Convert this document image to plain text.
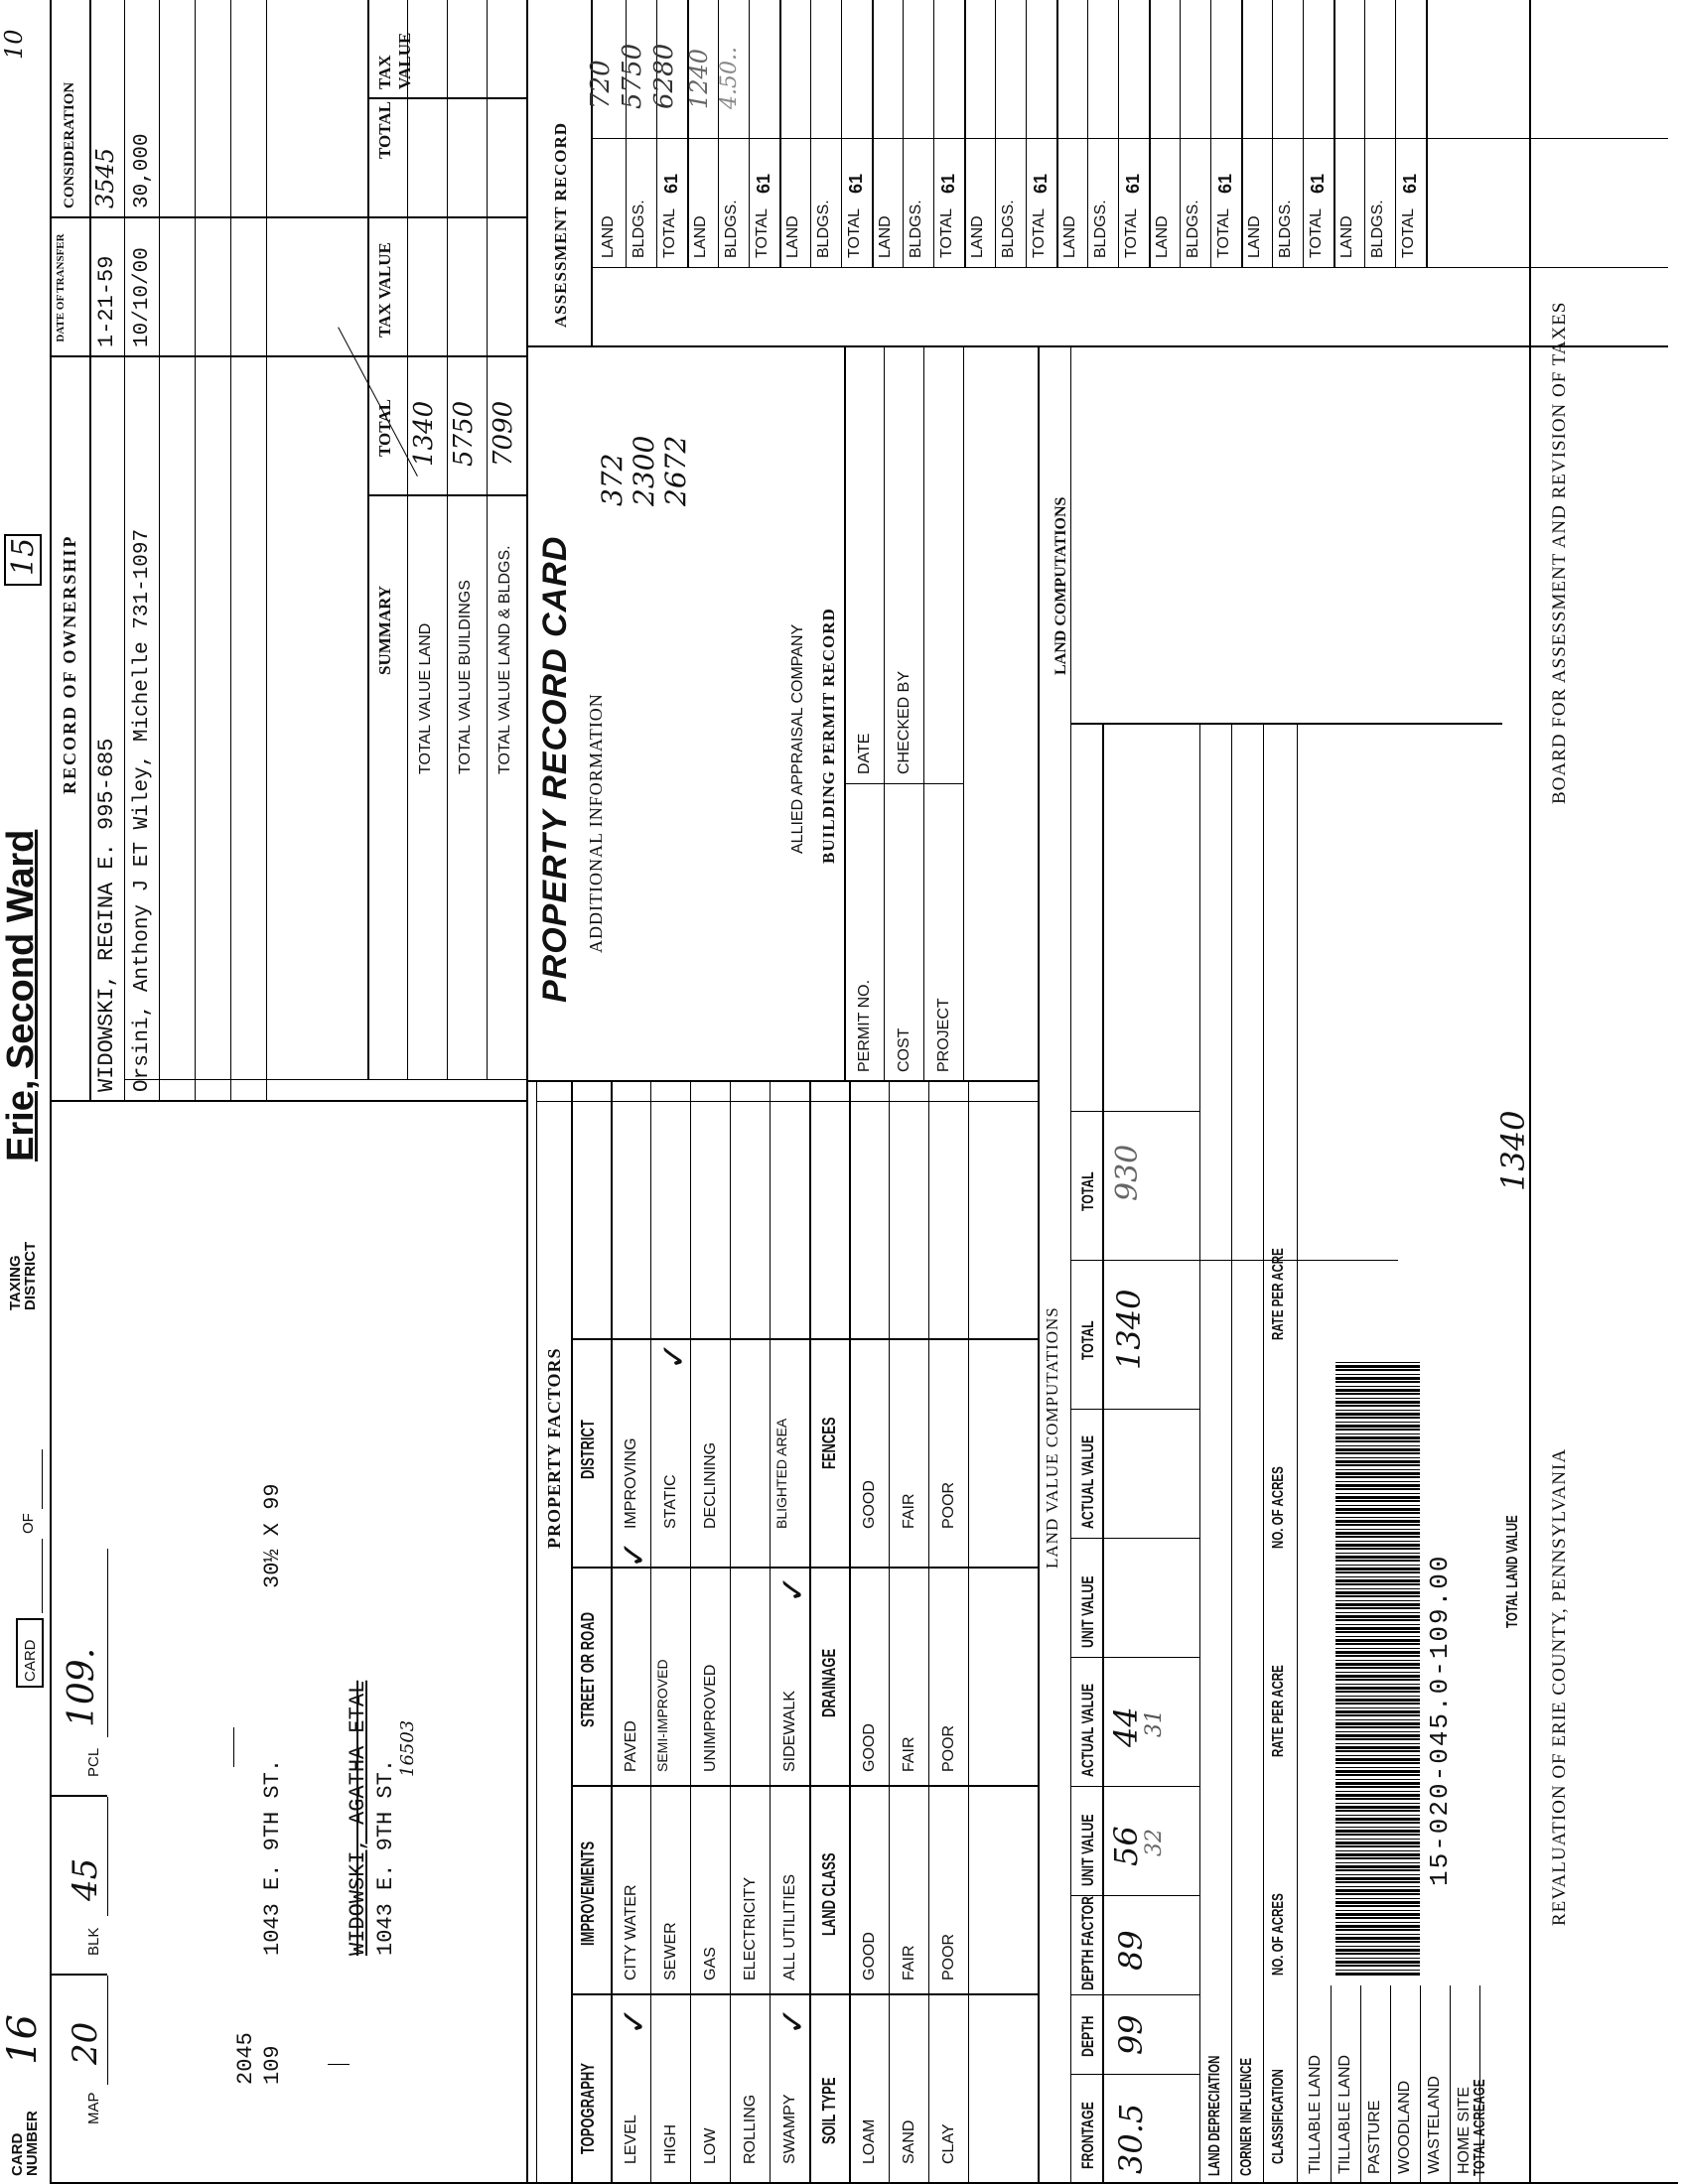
CARD
NUMBER
16
CARD
OF
TAXING
DISTRICT
Erie, Second Ward
15
10
MAP
20
BLK
45
PCL
109.
2045 109
1043 E. 9TH ST.
30½ X 99
WIDOWSKI, AGATHA ETAL 1043 E. 9TH ST.
16503
RECORD OF OWNERSHIP
DATE OF TRANSFER
CONSIDERATION
WIDOWSKI, REGINA E. 995-685
1-21-59
3545
Orsini, Anthony J ET Wiley, Michelle 731-1097
10/10/00
30,000
SUMMARY
TOTAL
TAX VALUE
TOTAL
TAX VALUE
TOTAL VALUE LAND
1340
TOTAL VALUE BUILDINGS
5750
TOTAL VALUE LAND & BLDGS.
7090
PROPERTY FACTORS
TOPOGRAPHY
IMPROVEMENTS
STREET OR ROAD
DISTRICT
LEVEL
CITY WATER
PAVED
IMPROVING
HIGH
SEWER
SEMI-IMPROVED
STATIC
LOW
GAS
UNIMPROVED
DECLINING
ROLLING
ELECTRICITY
SWAMPY
ALL UTILITIES
SIDEWALK
BLIGHTED AREA
✓	✓
✓
✓
✓
SOIL TYPE
LAND CLASS
DRAINAGE
FENCES
LOAM
GOOD
GOOD
GOOD
SAND
FAIR
FAIR
FAIR
CLAY
POOR
POOR
POOR
PROPERTY RECORD CARD ADDITIONAL INFORMATION
372 2300 2672
ALLIED APPRAISAL COMPANY BUILDING PERMIT RECORD
PERMIT NO. COST PROJECT
DATE CHECKED BY
ASSESSMENT RECORD LAND BLDGS. TOTAL
61
LAND BLDGS. TOTAL
61
LAND BLDGS. TOTAL
61
LAND BLDGS. TOTAL
61
LAND BLDGS. TOTAL
61
LAND BLDGS. TOTAL
61
LAND BLDGS. TOTAL
61
LAND BLDGS. TOTAL
61
LAND BLDGS. TOTAL
61
720 5750 6280 1240 4.50..
LAND VALUE COMPUTATIONS
LAND COMPUTATIONS
FRONTAGE
DEPTH
DEPTH FACTOR
UNIT VALUE
ACTUAL VALUE
UNIT VALUE
ACTUAL VALUE
TOTAL
TOTAL
30.5
99
89
56
32
44
31
1340
930
LAND DEPRECIATION CORNER INFLUENCE CLASSIFICATION
NO. OF ACRES
RATE PER ACRE
NO. OF ACRES
RATE PER ACRE
TILLABLE LAND TILLABLE LAND PASTURE WOODLAND WASTELAND HOME SITE
15-020-045.0-109.00
TOTAL ACREAGE
TOTAL LAND VALUE
1340
REVALUATION OF ERIE COUNTY, PENNSYLVANIA
BOARD FOR ASSESSMENT AND REVISION OF TAXES
